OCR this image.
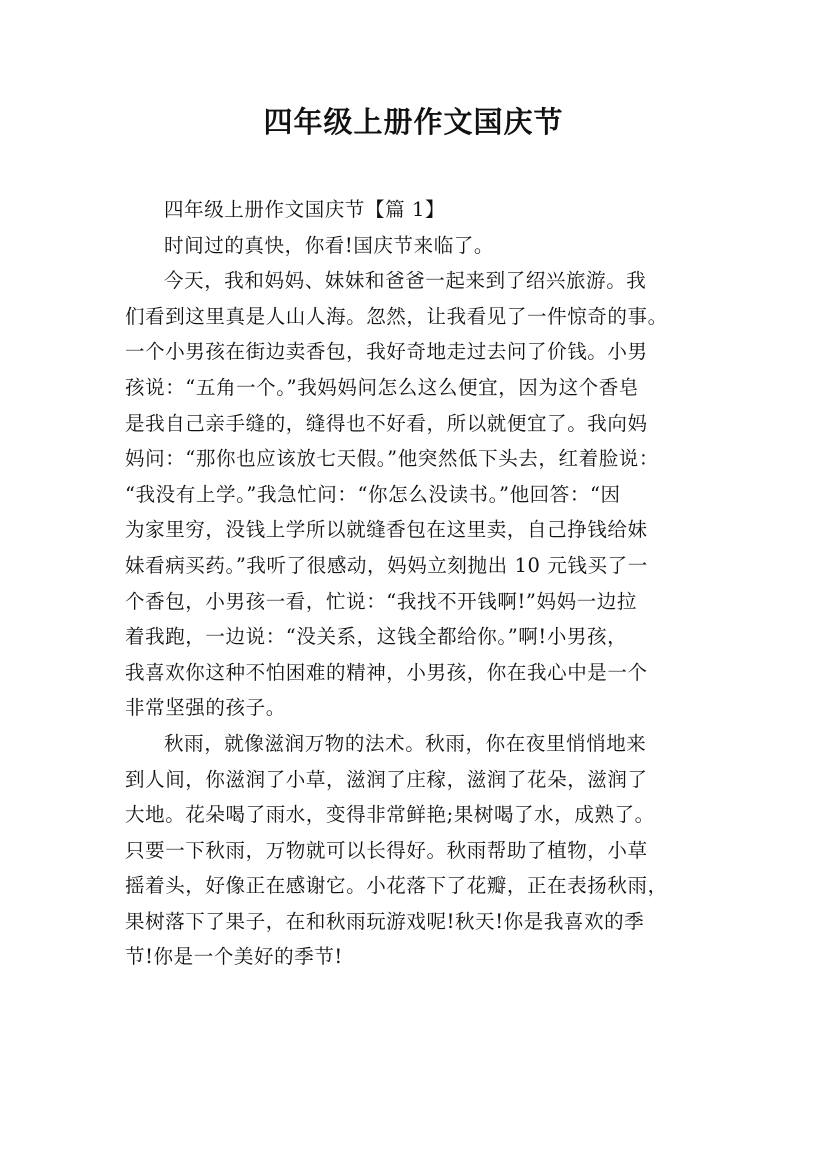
四年级上册作文国庆节
四年级上册作文国庆节【篇 1】
时间过的真快，你看!国庆节来临了。
今天，我和妈妈、妹妹和爸爸一起来到了绍兴旅游。我
们看到这里真是人山人海。忽然，让我看见了一件惊奇的事。
一个小男孩在街边卖香包，我好奇地走过去问了价钱。小男
孩说：“五角一个。”我妈妈问怎么这么便宜，因为这个香皂
是我自己亲手缝的，缝得也不好看，所以就便宜了。我向妈
妈问：“那你也应该放七天假。”他突然低下头去，红着脸说：
“我没有上学。”我急忙问：“你怎么没读书。”他回答：“因
为家里穷，没钱上学所以就缝香包在这里卖，自己挣钱给妹
妹看病买药。”我听了很感动，妈妈立刻抛出 10 元钱买了一
个香包，小男孩一看，忙说：“我找不开钱啊!”妈妈一边拉
着我跑，一边说：“没关系，这钱全都给你。”啊!小男孩，
我喜欢你这种不怕困难的精神，小男孩，你在我心中是一个
非常坚强的孩子。
秋雨，就像滋润万物的法术。秋雨，你在夜里悄悄地来
到人间，你滋润了小草，滋润了庄稼，滋润了花朵，滋润了
大地。花朵喝了雨水，变得非常鲜艳;果树喝了水，成熟了。
只要一下秋雨，万物就可以长得好。秋雨帮助了植物，小草
摇着头，好像正在感谢它。小花落下了花瓣，正在表扬秋雨，
果树落下了果子，在和秋雨玩游戏呢!秋天!你是我喜欢的季
节!你是一个美好的季节!
